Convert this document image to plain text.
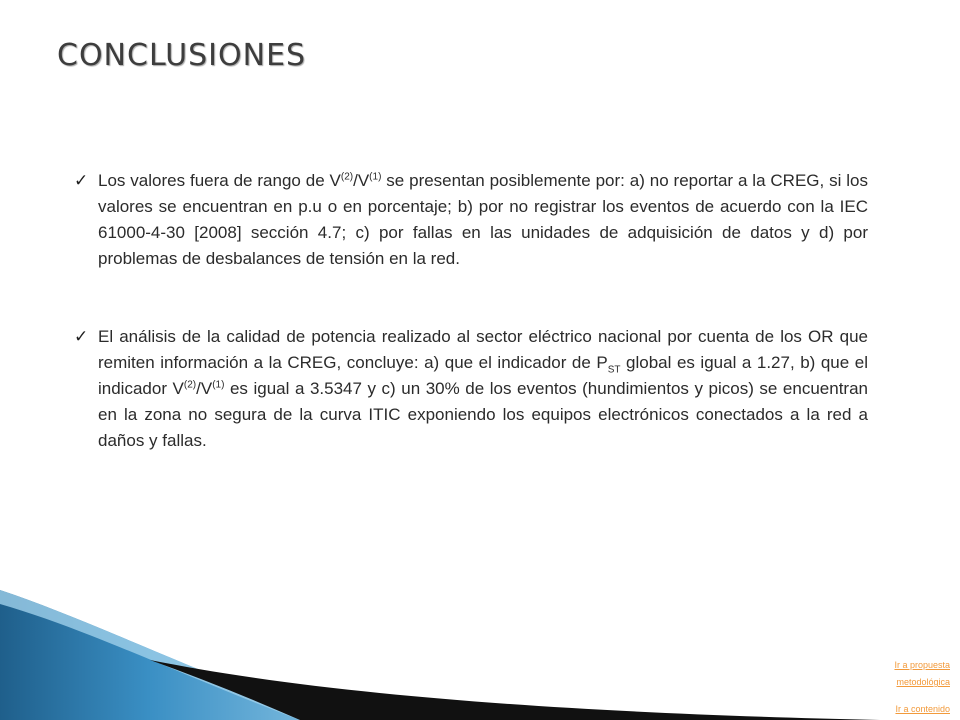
CONCLUSIONES
✓ Los valores fuera de rango de $V^{(2)}/V^{(1)}$ se presentan posiblemente por: a) no reportar a la CREG, si los valores se encuentran en p.u o en porcentaje; b) por no registrar los eventos de acuerdo con la IEC 61000-4-30 [2008] sección 4.7; c) por fallas en las unidades de adquisición de datos y d) por problemas de desbalances de tensión en la red.
✓ El análisis de la calidad de potencia realizado al sector eléctrico nacional por cuenta de los OR que remiten información a la CREG, concluye: a) que el indicador de $P_{ST}$ global es igual a 1.27, b) que el indicador $V^{(2)}/V^{(1)}$ es igual a 3.5347 y c) un 30% de los eventos (hundimientos y picos) se encuentran en la zona no segura de la curva ITIC exponiendo los equipos electrónicos conectados a la red a daños y fallas.
Ir a propuesta
metodológica
Ir a contenido
